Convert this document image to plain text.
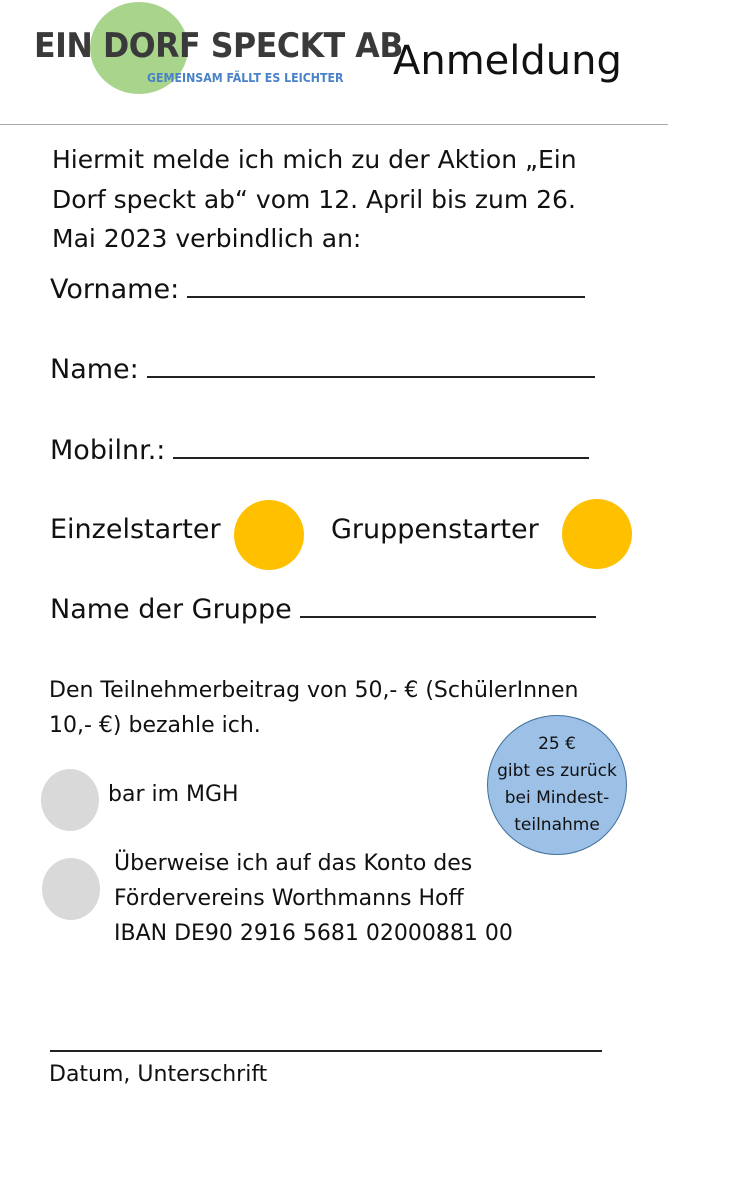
EIN DORF SPECKT AB
GEMEINSAM FÄLLT ES LEICHTER Anmeldung
Hiermit melde ich mich zu der Aktion „Ein
Dorf speckt ab“ vom 12. April bis zum 26.
Mai 2023 verbindlich an:
Vorname:
Name:
Mobilnr.:
Einzelstarter	Gruppenstarter
Name der Gruppe
Den Teilnehmerbeitrag von 50,- € (SchülerInnen
10,- €) bezahle ich.
25 €
gibt es zurück
bei Mindest-
teilnahme
bar im MGH
Überweise ich auf das Konto des
Fördervereins Worthmanns Hoff
IBAN DE90 2916 5681 02000881 00
Datum, Unterschrift
